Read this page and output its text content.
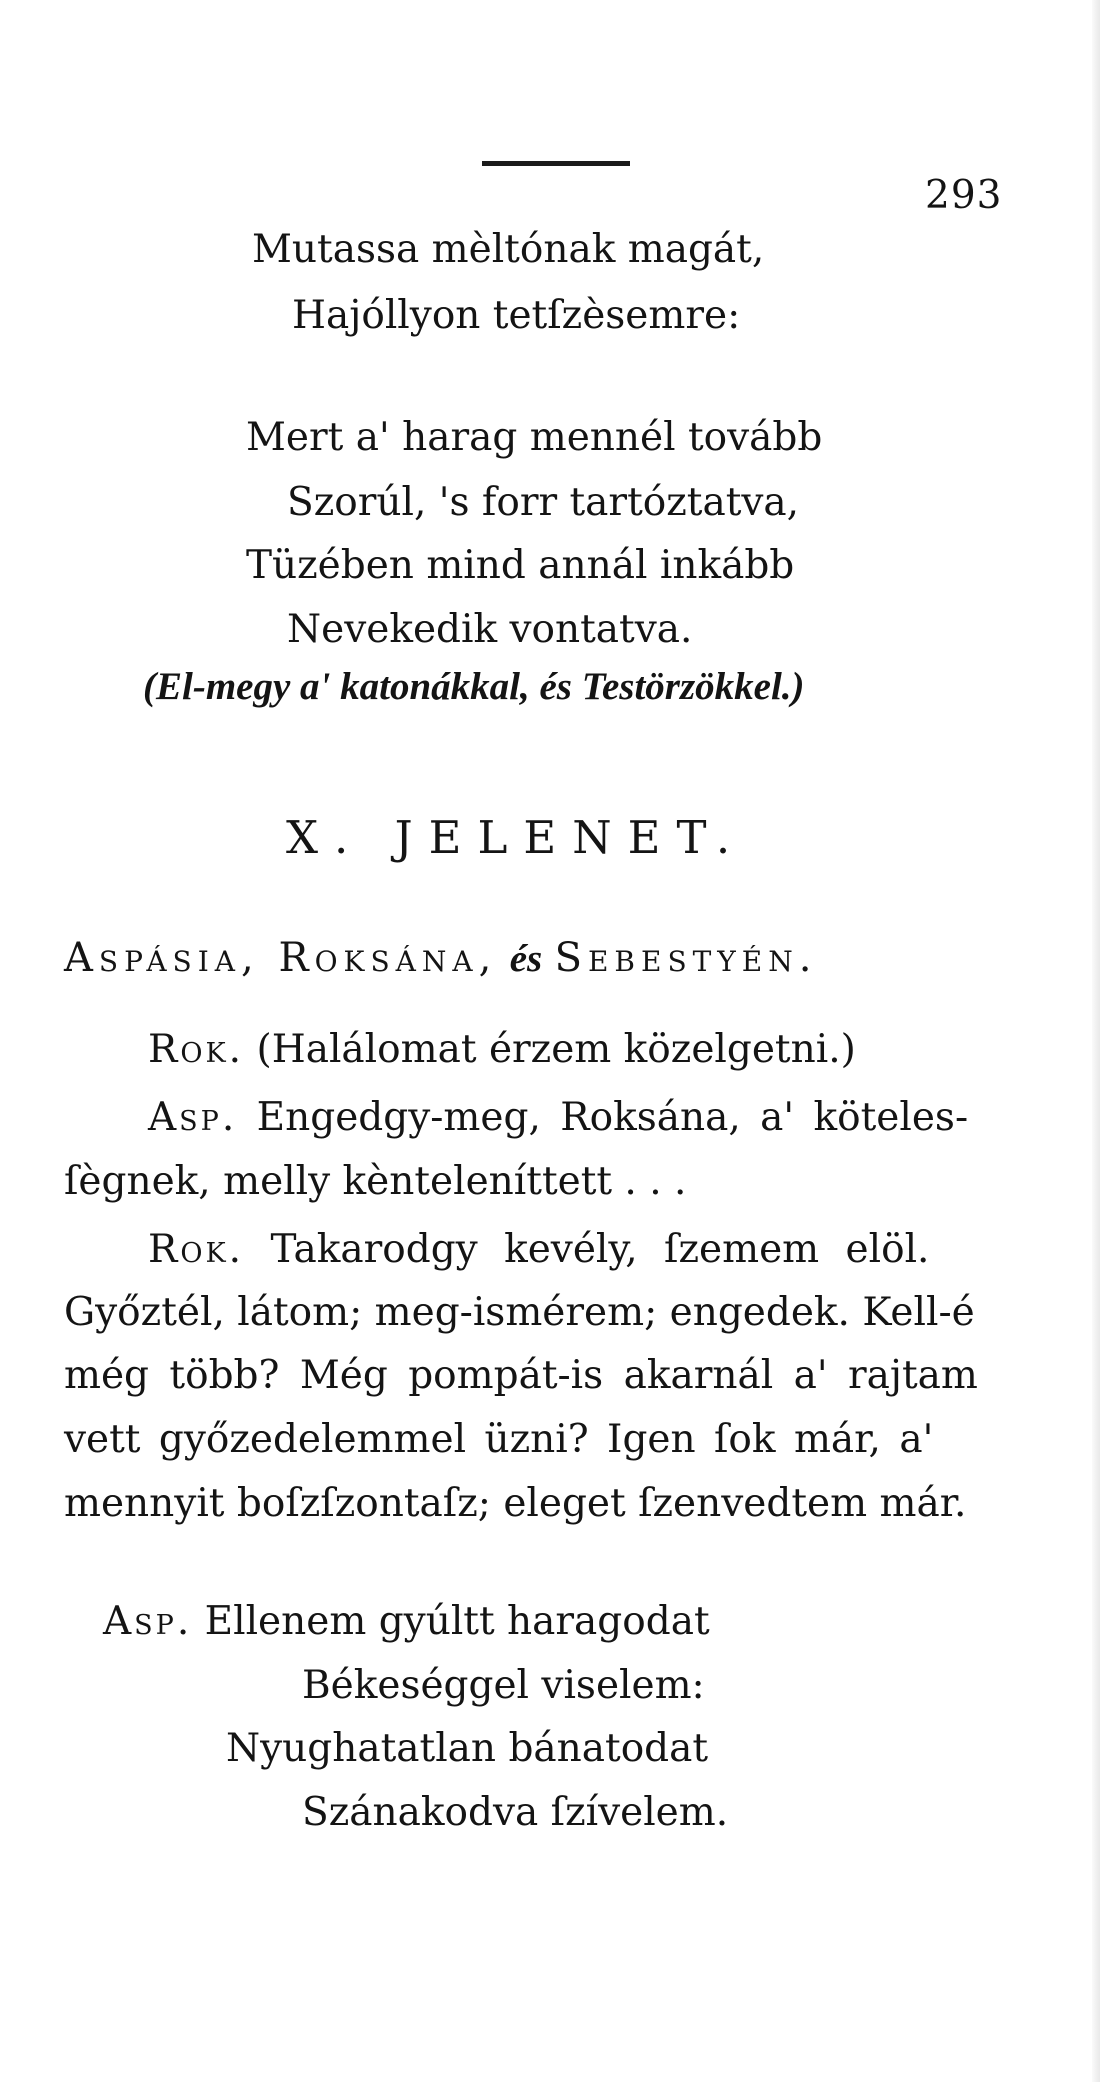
293
Mutassa mèltónak magát,
Hajóllyon tetſzèsemre:
Mert a' harag mennél tovább
Szorúl, 's forr tartóztatva,
Tüzében mind annál inkább
Nevekedik vontatva.
(El-megy a' katonákkal, és Testörzökkel.)
X. JELENET.
Aspásia, Roksána, és Sebestyén.
Rok. (Halálomat érzem közelgetni.)
Asp. Engedgy-meg, Roksána, a' köteles-
ſègnek, melly kènteleníttett . . .
Rok. Takarodgy kevély, ſzemem elöl.
Győztél, látom; meg-ismérem; engedek. Kell-é
még több? Még pompát-is akarnál a' rajtam
vett győzedelemmel üzni? Igen ſok már, a'
mennyit boſzſzontaſz; eleget ſzenvedtem már.
Asp. Ellenem gyúltt haragodat
Békeséggel viselem:
Nyughatatlan bánatodat
Szánakodva ſzívelem.
